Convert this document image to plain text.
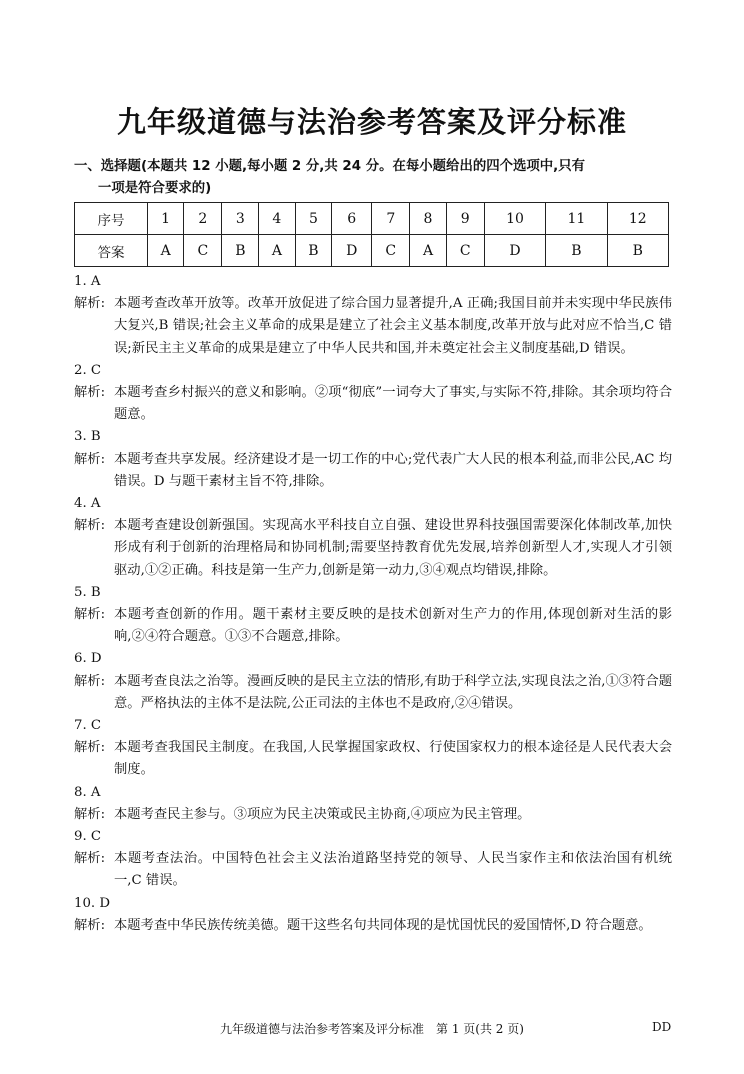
九年级道德与法治参考答案及评分标准
一、选择题(本题共 12 小题,每小题 2 分,共 24 分。在每小题给出的四个选项中,只有
一项是符合要求的)
序号	1	2	3	4	5	6	7	8	9	10	11	12
答案	A	C	B	A	B	D	C	A	C	D	B	B
1. A
解析: 本题考查改革开放等。改革开放促进了综合国力显著提升,A 正确;我国目前并未实现中华民族伟大复兴,B 错误;社会主义革命的成果是建立了社会主义基本制度,改革开放与此对应不恰当,C 错误;新民主主义革命的成果是建立了中华人民共和国,并未奠定社会主义制度基础,D 错误。
2. C
解析: 本题考查乡村振兴的意义和影响。②项“彻底”一词夸大了事实,与实际不符,排除。其余项均符合题意。
3. B
解析: 本题考查共享发展。经济建设才是一切工作的中心;党代表广大人民的根本利益,而非公民,AC 均错误。D 与题干素材主旨不符,排除。
4. A
解析: 本题考查建设创新强国。实现高水平科技自立自强、建设世界科技强国需要深化体制改革,加快形成有利于创新的治理格局和协同机制;需要坚持教育优先发展,培养创新型人才,实现人才引领驱动,①②正确。科技是第一生产力,创新是第一动力,③④观点均错误,排除。
5. B
解析: 本题考查创新的作用。题干素材主要反映的是技术创新对生产力的作用,体现创新对生活的影响,②④符合题意。①③不合题意,排除。
6. D
解析: 本题考查良法之治等。漫画反映的是民主立法的情形,有助于科学立法,实现良法之治,①③符合题意。严格执法的主体不是法院,公正司法的主体也不是政府,②④错误。
7. C
解析: 本题考查我国民主制度。在我国,人民掌握国家政权、行使国家权力的根本途径是人民代表大会制度。
8. A
解析: 本题考查民主参与。③项应为民主决策或民主协商,④项应为民主管理。
9. C
解析: 本题考查法治。中国特色社会主义法治道路坚持党的领导、人民当家作主和依法治国有机统一,C 错误。
10. D
解析: 本题考查中华民族传统美德。题干这些名句共同体现的是忧国忧民的爱国情怀,D 符合题意。
九年级道德与法治参考答案及评分标准　第 1 页(共 2 页)	DD
